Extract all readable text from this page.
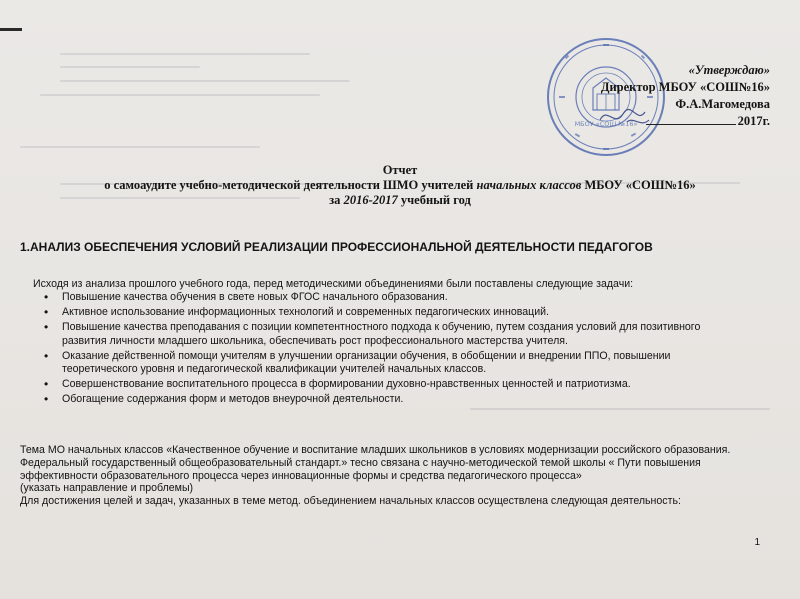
МБОУ «СОШ №16»
«Утверждаю»
Директор МБОУ «СОШ№16»
Ф.А.Магомедова
2017г.
Отчет
о самоаудите учебно-методической деятельности ШМО учителей начальных классов МБОУ «СОШ№16»
за 2016-2017 учебный год
1.АНАЛИЗ ОБЕСПЕЧЕНИЯ УСЛОВИЙ РЕАЛИЗАЦИИ ПРОФЕССИОНАЛЬНОЙ ДЕЯТЕЛЬНОСТИ ПЕДАГОГОВ
Исходя из анализа прошлого учебного года, перед методическими объединениями были поставлены следующие задачи:
• Повышение качества обучения в свете новых ФГОС начального образования.
• Активное использование информационных технологий и современных педагогических инноваций.
• Повышение качества преподавания с позиции компетентностного подхода к обучению, путем создания условий для позитивного развития личности младшего школьника, обеспечивать рост профессионального мастерства учителя.
• Оказание действенной помощи учителям в улучшении организации обучения, в обобщении и внедрении ППО, повышении теоретического уровня и педагогической квалификации учителей начальных классов.
• Совершенствование воспитательного процесса в формировании духовно-нравственных ценностей и патриотизма.
• Обогащение содержания форм и методов внеурочной деятельности.
Тема МО начальных классов «Качественное обучение и воспитание младших школьников в условиях модернизации российского образования.
Федеральный государственный общеобразовательный стандарт.» тесно связана с научно-методической темой школы « Пути повышения эффективности образовательного процесса через инновационные формы и средства педагогического процесса»
(указать направление и проблемы)
Для достижения целей и задач, указанных в теме метод. объединением начальных классов осуществлена следующая деятельность:
1
